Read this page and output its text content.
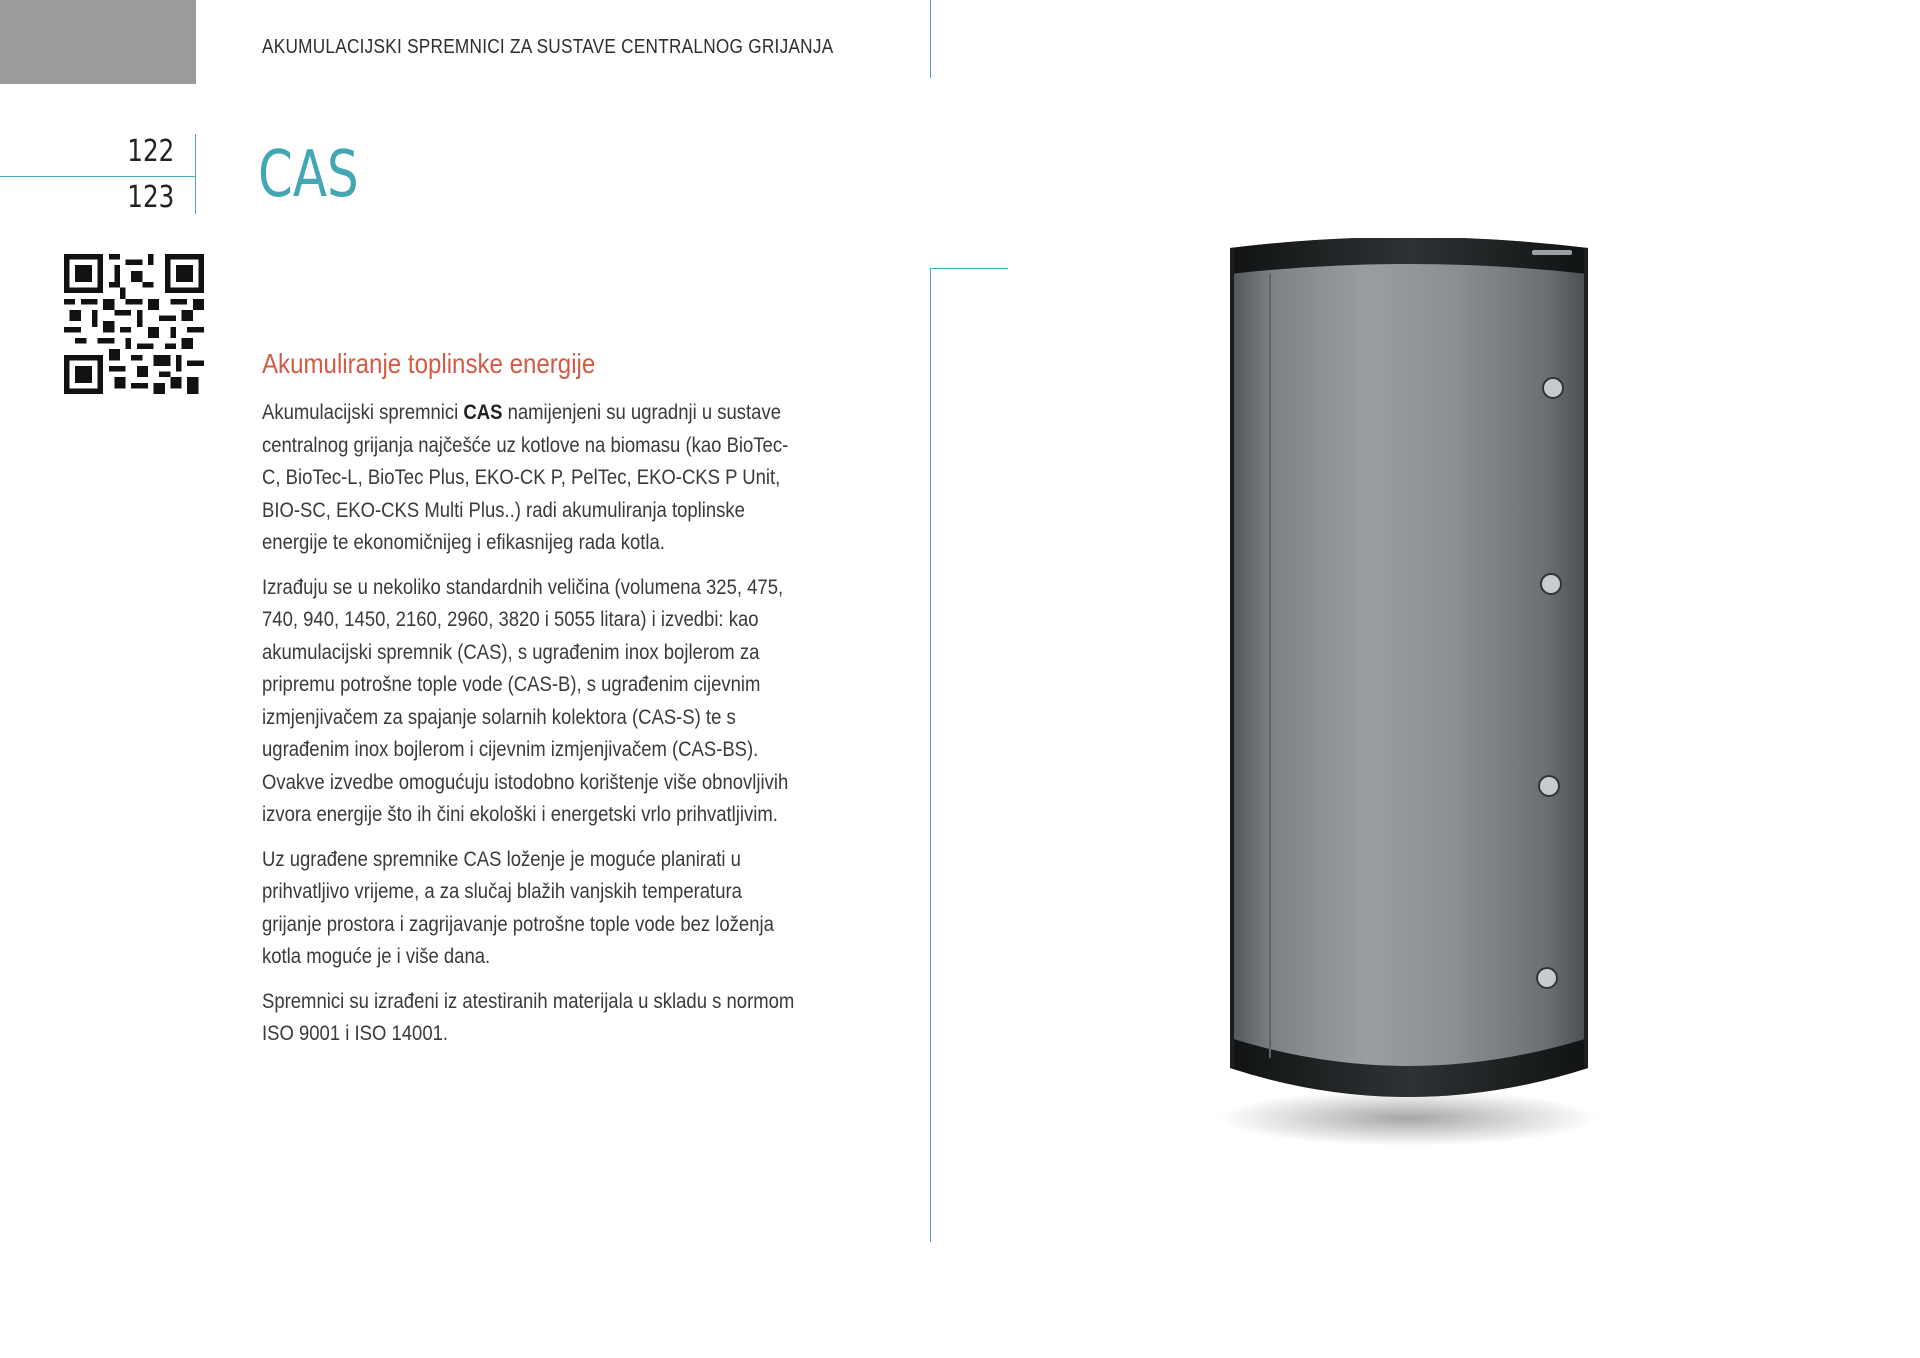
AKUMULACIJSKI SPREMNICI ZA SUSTAVE CENTRALNOG GRIJANJA
122
123 CAS
Akumuliranje toplinske energije

Akumulacijski spremnici CAS namijenjeni su ugradnji u sustave centralnog grijanja najčešće uz kotlove na biomasu (kao BioTec-C, BioTec-L, BioTec Plus, EKO-CK P, PelTec, EKO-CKS P Unit, BIO-SC, EKO-CKS Multi Plus..) radi akumuliranja toplinske energije te ekonomičnijeg i efikasnijeg rada kotla.

Izrađuju se u nekoliko standardnih veličina (volumena 325, 475, 740, 940, 1450, 2160, 2960, 3820 i 5055 litara) i izvedbi: kao akumulacijski spremnik (CAS), s ugrađenim inox bojlerom za pripremu potrošne tople vode (CAS-B), s ugrađenim cijevnim izmjenjivačem za spajanje solarnih kolektora (CAS-S) te s ugrađenim inox bojlerom i cijevnim izmjenjivačem (CAS-BS). Ovakve izvedbe omogućuju istodobno korištenje više obnovljivih izvora energije što ih čini ekološki i energetski vrlo prihvatljivim.

Uz ugrađene spremnike CAS loženje je moguće planirati u prihvatljivo vrijeme, a za slučaj blažih vanjskih temperatura grijanje prostora i zagrijavanje potrošne tople vode bez loženja kotla moguće je i više dana.

Spremnici su izrađeni iz atestiranih materijala u skladu s normom ISO 9001 i ISO 14001.
